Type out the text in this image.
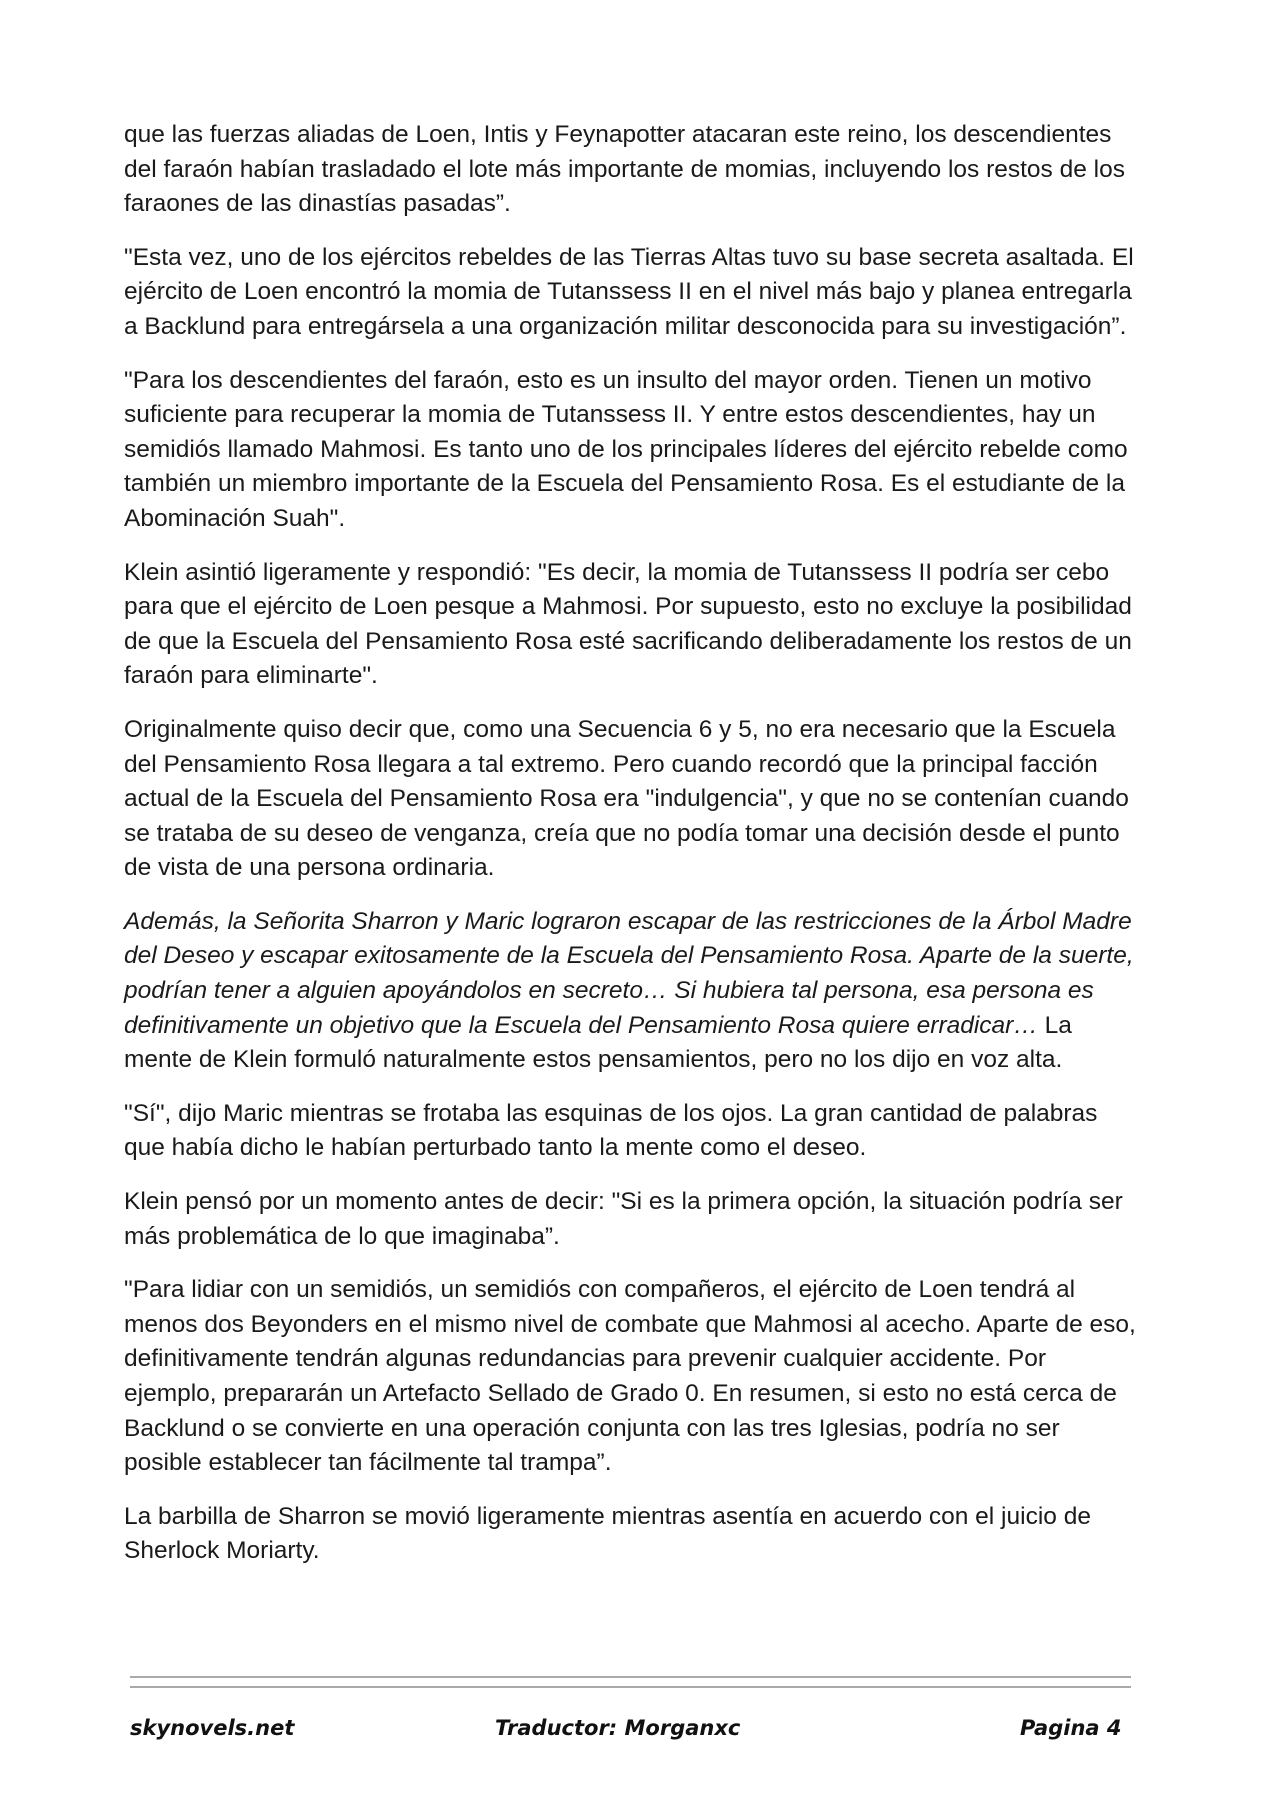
que las fuerzas aliadas de Loen, Intis y Feynapotter atacaran este reino, los descendientes del faraón habían trasladado el lote más importante de momias, incluyendo los restos de los faraones de las dinastías pasadas”.

"Esta vez, uno de los ejércitos rebeldes de las Tierras Altas tuvo su base secreta asaltada. El ejército de Loen encontró la momia de Tutanssess II en el nivel más bajo y planea entregarla a Backlund para entregársela a una organización militar desconocida para su investigación”.

"Para los descendientes del faraón, esto es un insulto del mayor orden. Tienen un motivo suficiente para recuperar la momia de Tutanssess II. Y entre estos descendientes, hay un semidiós llamado Mahmosi. Es tanto uno de los principales líderes del ejército rebelde como también un miembro importante de la Escuela del Pensamiento Rosa. Es el estudiante de la Abominación Suah".

Klein asintió ligeramente y respondió: "Es decir, la momia de Tutanssess II podría ser cebo para que el ejército de Loen pesque a Mahmosi. Por supuesto, esto no excluye la posibilidad de que la Escuela del Pensamiento Rosa esté sacrificando deliberadamente los restos de un faraón para eliminarte".

Originalmente quiso decir que, como una Secuencia 6 y 5, no era necesario que la Escuela del Pensamiento Rosa llegara a tal extremo. Pero cuando recordó que la principal facción actual de la Escuela del Pensamiento Rosa era "indulgencia", y que no se contenían cuando se trataba de su deseo de venganza, creía que no podía tomar una decisión desde el punto de vista de una persona ordinaria.

Además, la Señorita Sharron y Maric lograron escapar de las restricciones de la Árbol Madre del Deseo y escapar exitosamente de la Escuela del Pensamiento Rosa. Aparte de la suerte, podrían tener a alguien apoyándolos en secreto… Si hubiera tal persona, esa persona es definitivamente un objetivo que la Escuela del Pensamiento Rosa quiere erradicar… La mente de Klein formuló naturalmente estos pensamientos, pero no los dijo en voz alta.

"Sí", dijo Maric mientras se frotaba las esquinas de los ojos. La gran cantidad de palabras que había dicho le habían perturbado tanto la mente como el deseo.

Klein pensó por un momento antes de decir: "Si es la primera opción, la situación podría ser más problemática de lo que imaginaba”.

"Para lidiar con un semidiós, un semidiós con compañeros, el ejército de Loen tendrá al menos dos Beyonders en el mismo nivel de combate que Mahmosi al acecho. Aparte de eso, definitivamente tendrán algunas redundancias para prevenir cualquier accidente. Por ejemplo, prepararán un Artefacto Sellado de Grado 0. En resumen, si esto no está cerca de Backlund o se convierte en una operación conjunta con las tres Iglesias, podría no ser posible establecer tan fácilmente tal trampa”.

La barbilla de Sharron se movió ligeramente mientras asentía en acuerdo con el juicio de Sherlock Moriarty.

skynovels.net	Traductor: Morganxc	Pagina 4
